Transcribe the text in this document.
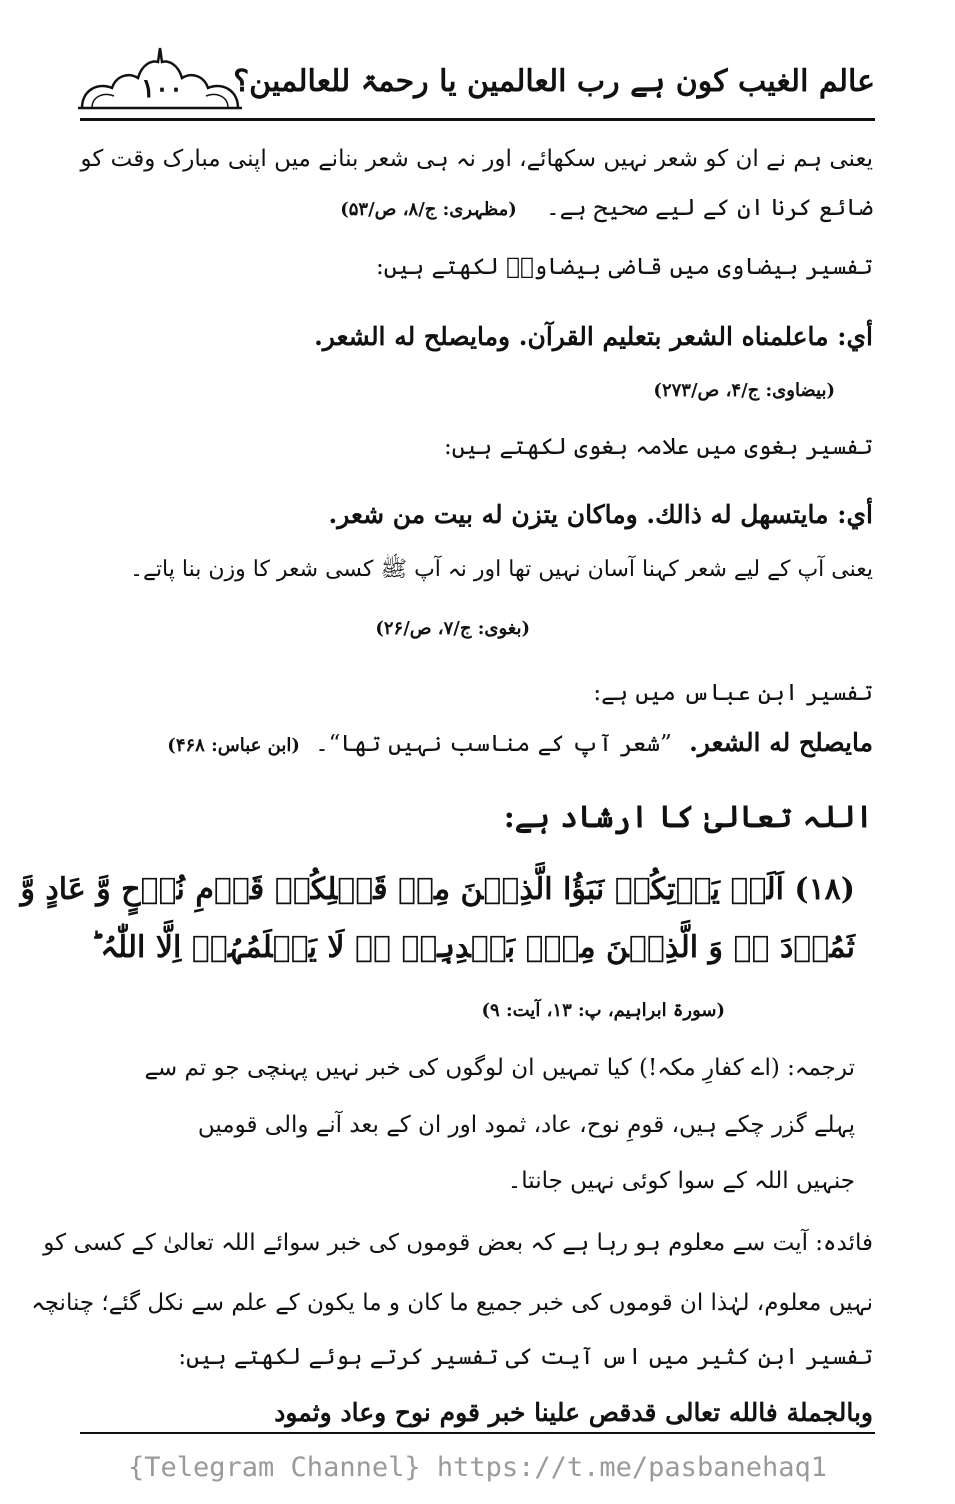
۱۰۰	عالم الغیب کون ہے رب العالمین یا رحمۃ للعالمین؟
یعنی ہم نے ان کو شعر نہیں سکھائے، اور نہ ہی شعر بنانے میں اپنی مبارک وقت کو
ضائع کرنا ان کے لیے صحیح ہے۔ (مظہری: ج/۸، ص/۵۳)
تفسیر بیضاوی میں قاضی بیضاویؒ لکھتے ہیں:
أي: ماعلمناه الشعر بتعليم القرآن. ومايصلح له الشعر.
(بیضاوی: ج/۴، ص/۲۷۳)
تفسیر بغوی میں علامہ بغوی لکھتے ہیں:
أي: مايتسهل له ذالك. وماكان يتزن له بيت من شعر.
یعنی آپ کے لیے شعر کہنا آسان نہیں تھا اور نہ آپ ﷺ کسی شعر کا وزن بنا پاتے۔
(بغوی: ج/۷، ص/۲۶)
تفسیر ابن عباس میں ہے:
مايصلح له الشعر. ”شعر آپ کے مناسب نہیں تھا“۔ (ابن عباس: ۴۶۸)
اللہ تعالیٰ کا ارشاد ہے:
(۱۸) اَلَمۡ یَاۡتِکُمۡ نَبَؤُا الَّذِیۡنَ مِنۡ قَبۡلِکُمۡ قَوۡمِ نُوۡحٍ وَّ عَادٍ وَّ
ثَمُوۡدَ ۬ۛ وَ الَّذِیۡنَ مِنۡۢ بَعۡدِہِمۡ ۛؕ لَا یَعۡلَمُہُمۡ اِلَّا اللّٰہُ ؕ
(سورۃ ابراہیم، پ: ۱۳، آیت: ۹)
ترجمہ: (اے کفارِ مکہ!) کیا تمہیں ان لوگوں کی خبر نہیں پہنچی جو تم سے
پہلے گزر چکے ہیں، قومِ نوح، عاد، ثمود اور ان کے بعد آنے والی قومیں
جنہیں اللہ کے سوا کوئی نہیں جانتا۔
فائدہ: آیت سے معلوم ہو رہا ہے کہ بعض قوموں کی خبر سوائے اللہ تعالیٰ کے کسی کو
نہیں معلوم، لہٰذا ان قوموں کی خبر جمیع ما کان و ما یکون کے علم سے نکل گئے؛ چنانچہ
تفسیر ابن کثیر میں اس آیت کی تفسیر کرتے ہوئے لکھتے ہیں:
وبالجملة فالله تعالى قدقص علينا خبر قوم نوح وعاد وثمود
{Telegram Channel} https://t.me/pasbanehaq1
